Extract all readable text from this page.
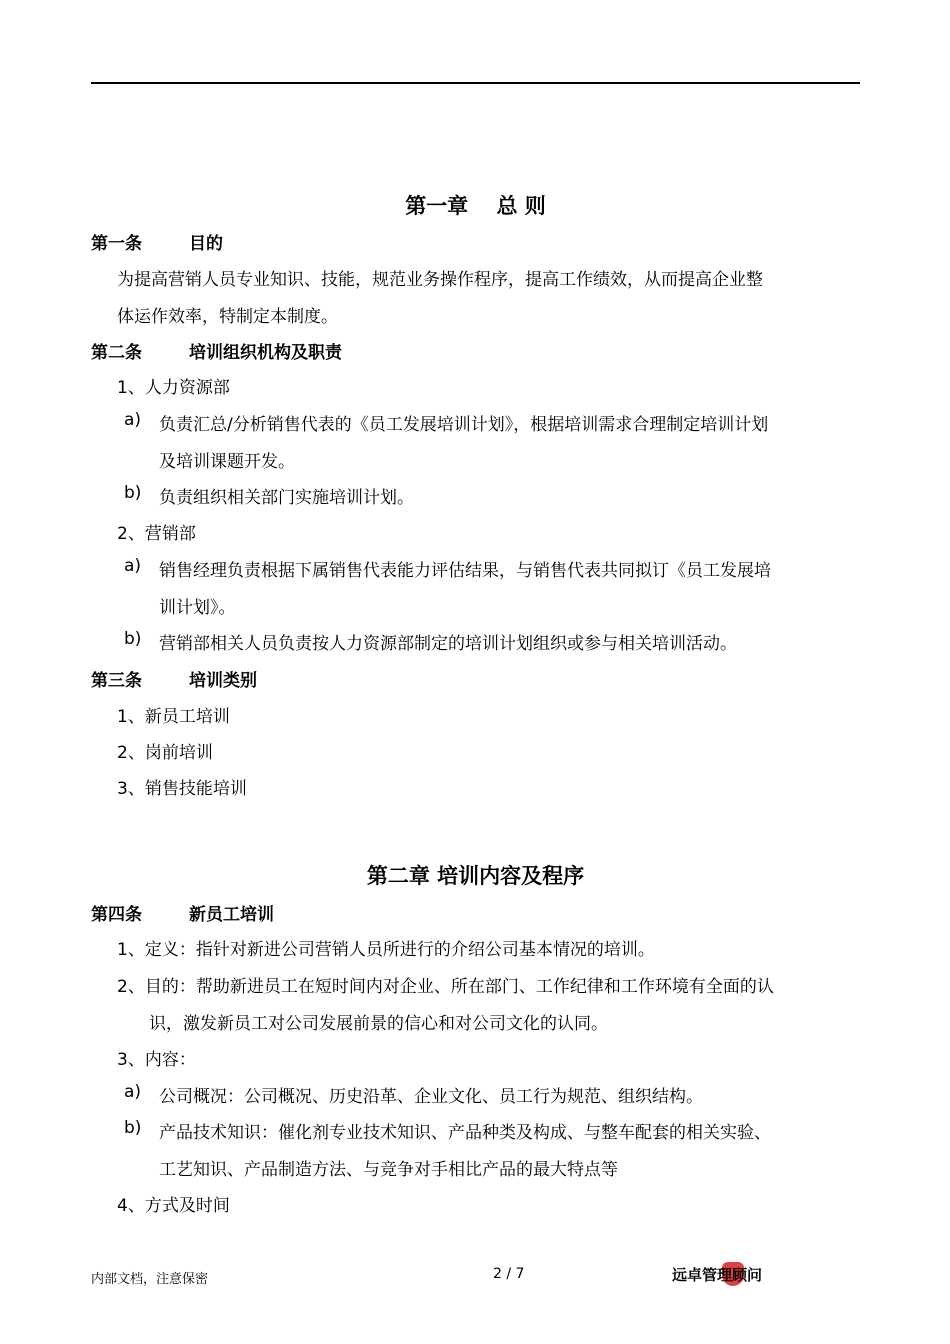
第一章　 总 则
第一条	目的
为提高营销人员专业知识、技能，规范业务操作程序，提高工作绩效，从而提高企业整
体运作效率，特制定本制度。
第二条	培训组织机构及职责
1、人力资源部
a) 负责汇总/分析销售代表的《员工发展培训计划》，根据培训需求合理制定培训计划
及培训课题开发。
b) 负责组织相关部门实施培训计划。
2、营销部
a) 销售经理负责根据下属销售代表能力评估结果，与销售代表共同拟订《员工发展培
训计划》。
b) 营销部相关人员负责按人力资源部制定的培训计划组织或参与相关培训活动。
第三条	培训类别
1、新员工培训
2、岗前培训
3、销售技能培训
第二章 培训内容及程序
第四条	新员工培训
1、定义：指针对新进公司营销人员所进行的介绍公司基本情况的培训。
2、目的：帮助新进员工在短时间内对企业、所在部门、工作纪律和工作环境有全面的认
识，激发新员工对公司发展前景的信心和对公司文化的认同。
3、内容：
a) 公司概况：公司概况、历史沿革、企业文化、员工行为规范、组织结构。
b) 产品技术知识：催化剂专业技术知识、产品种类及构成、与整车配套的相关实验、
工艺知识、产品制造方法、与竞争对手相比产品的最大特点等
4、方式及时间
内部文档，注意保密	2 / 7	远卓管理顾问
